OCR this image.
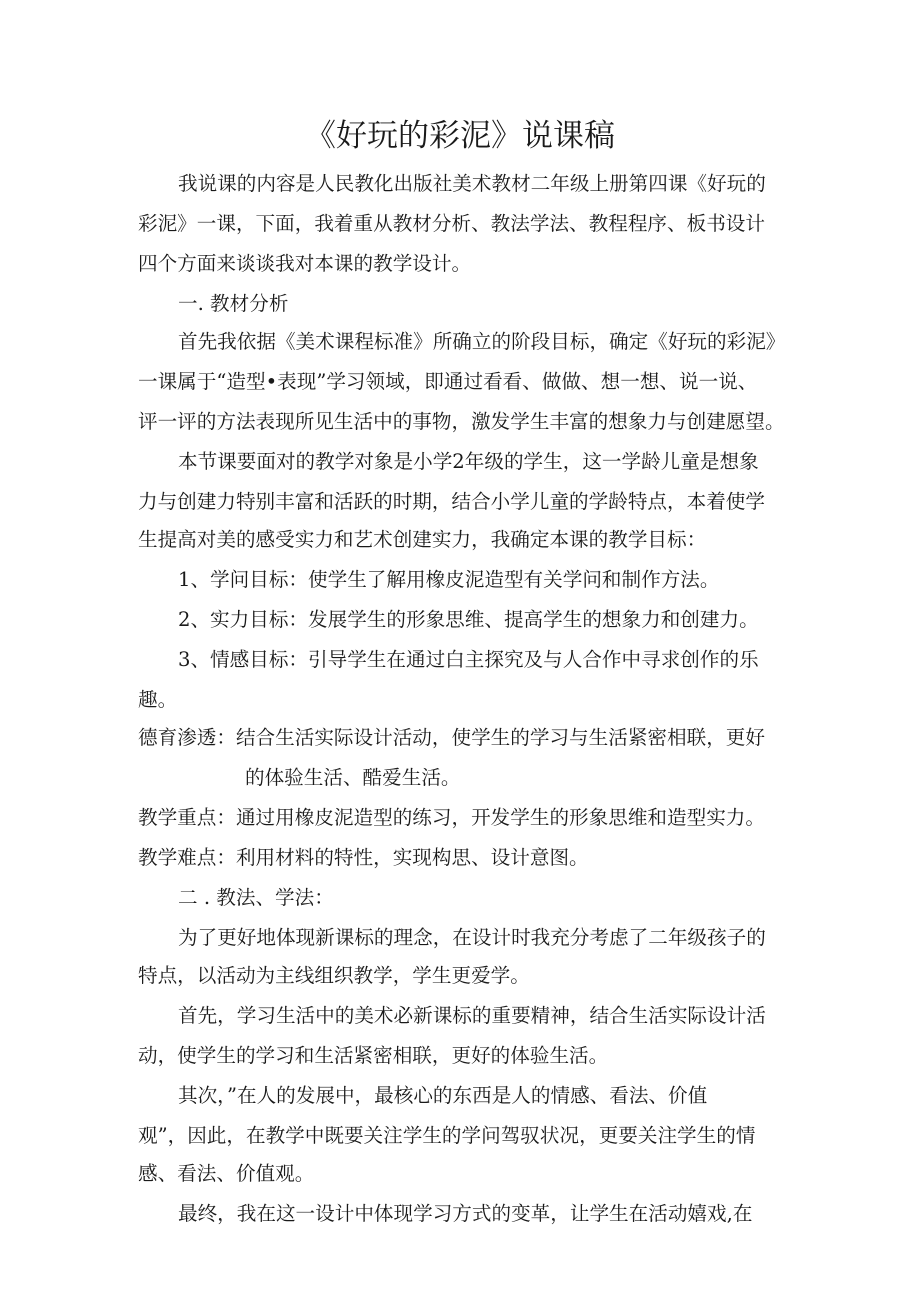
《好玩的彩泥》说课稿
我说课的内容是人民教化出版社美术教材二年级上册第四课《好玩的
彩泥》一课，下面，我着重从教材分析、教法学法、教程程序、板书设计
四个方面来谈谈我对本课的教学设计。
一. 教材分析
首先我依据《美术课程标准》所确立的阶段目标，确定《好玩的彩泥》
一课属于“造型•表现”学习领域，即通过看看、做做、想一想、说一说、
评一评的方法表现所见生活中的事物，激发学生丰富的想象力与创建愿望。
本节课要面对的教学对象是小学2年级的学生，这一学龄儿童是想象
力与创建力特别丰富和活跃的时期，结合小学儿童的学龄特点，本着使学
生提高对美的感受实力和艺术创建实力，我确定本课的教学目标：
1、学问目标：使学生了解用橡皮泥造型有关学问和制作方法。
2、实力目标：发展学生的形象思维、提高学生的想象力和创建力。
3、情感目标：引导学生在通过白主探究及与人合作中寻求创作的乐
趣。
德育渗透：结合生活实际设计活动，使学生的学习与生活紧密相联，更好
的体验生活、酷爱生活。
教学重点：通过用橡皮泥造型的练习，开发学生的形象思维和造型实力。
教学难点：利用材料的特性，实现构思、设计意图。
二 . 教法、学法：
为了更好地体现新课标的理念，在设计时我充分考虑了二年级孩子的
特点，以活动为主线组织教学，学生更爱学。
首先，学习生活中的美术必新课标的重要精神，结合生活实际设计活
动，使学生的学习和生活紧密相联，更好的体验生活。
其次，”在人的发展中，最核心的东西是人的情感、看法、价值
观”，因此，在教学中既要关注学生的学问驾驭状况，更要关注学生的情
感、看法、价值观。
最终，我在这一设计中体现学习方式的变革，让学生在活动嬉戏,在
